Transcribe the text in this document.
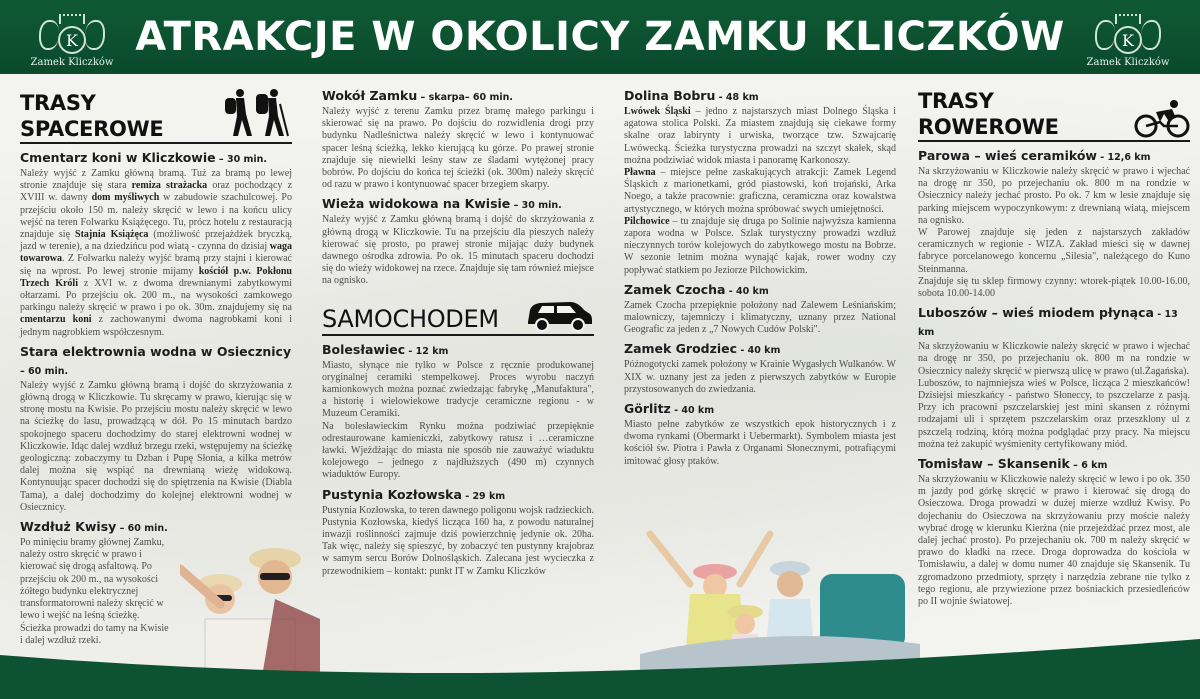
K
Zamek Kliczków
ATRAKCJE W OKOLICY ZAMKU KLICZKÓW	K
Zamek Kliczków
TRASY
SPACEROWE
Cmentarz koni w Kliczkowie – 30 min.
Należy wyjść z Zamku główną bramą. Tuż za bramą po lewej stronie znajduje się stara remiza strażacka oraz pochodzący z XVIII w. dawny dom myśliwych w zabudowie szachulcowej. Po przejściu około 150 m. należy skręcić w lewo i na końcu ulicy wejść na teren Folwarku Książęcego. Tu, prócz hotelu z restauracją znajduje się Stajnia Książęca (możliwość przejażdżek bryczką, jazd w terenie), a na dziedzińcu pod wiatą - czynna do dzisiaj waga towarowa. Z Folwarku należy wyjść bramą przy stajni i kierować się na wprost. Po lewej stronie mijamy kościół p.w. Pokłonu Trzech Króli z XVI w. z dwoma drewnianymi zabytkowymi ołtarzami. Po przejściu ok. 200 m., na wysokości zamkowego parkingu należy skręcić w prawo i po ok. 30m. znajdujemy się na cmentarzu koni z zachowanymi dwoma nagrobkami koni i jednym nagrobkiem współczesnym.
Stara elektrownia wodna w Osiecznicy – 60 min.
Należy wyjść z Zamku główną bramą i dojść do skrzyżowania z główną drogą w Kliczkowie. Tu skręcamy w prawo, kierując się w stronę mostu na Kwisie. Po przejściu mostu należy skręcić w lewo na ścieżkę do lasu, prowadzącą w dół. Po 15 minutach bardzo spokojnego spaceru dochodzimy do starej elektrowni wodnej w Kliczkowie. Idąc dalej wzdłuż brzegu rzeki, wstępujemy na ścieżkę geologiczną: zobaczymy tu Dzban i Pupę Słonia, a kilka metrów dalej można się wspiąć na drewnianą wieżę widokową. Kontynuując spacer dochodzi się do spiętrzenia na Kwisie (Diabla Tama), a dalej dochodzimy do kolejnej elektrowni wodnej w Osiecznicy.
Wzdłuż Kwisy – 60 min.
Po minięciu bramy głównej Zamku, należy ostro skręcić w prawo i kierować się drogą asfaltową. Po przejściu ok 200 m., na wysokości żółtego budynku elektrycznej transformatorowni należy skręcić w lewo i wejść na leśną ścieżkę. Ścieżka prowadzi do tamy na Kwisie i dalej wzdłuż rzeki.
Wokół Zamku – skarpa– 60 min.
Należy wyjść z terenu Zamku przez bramę małego parkingu i skierować się na prawo. Po dojściu do rozwidlenia drogi przy budynku Nadleśnictwa należy skręcić w lewo i kontynuować spacer leśną ścieżką, lekko kierującą ku górze. Po prawej stronie znajduje się niewielki leśny staw ze śladami wytężonej pracy bobrów. Po dojściu do końca tej ścieżki (ok. 300m) należy skręcić od razu w prawo i kontynuować spacer brzegiem skarpy.
Wieża widokowa na Kwisie – 30 min.
Należy wyjść z Zamku główną bramą i dojść do skrzyżowania z główną drogą w Kliczkowie. Tu na przejściu dla pieszych należy kierować się prosto, po prawej stronie mijając duży budynek dawnego ośrodka zdrowia. Po ok. 15 minutach spaceru dochodzi się do wieży widokowej na rzece. Znajduje się tam również miejsce na ognisko.
SAMOCHODEM
Bolesławiec - 12 km
Miasto, słynące nie tylko w Polsce z ręcznie produkowanej oryginalnej ceramiki stempelkowej. Proces wyrobu naczyń kamionkowych można poznać zwiedzając fabrykę „Manufaktura", a historię i wielowiekowe tradycje ceramiczne regionu - w Muzeum Ceramiki.
Na bolesławieckim Rynku można podziwiać przepięknie odrestaurowane kamieniczki, zabytkowy ratusz i …ceramiczne ławki. Wjeżdżając do miasta nie sposób nie zauważyć wiaduktu kolejowego – jednego z najdłuższych (490 m) czynnych wiaduktów Europy.
Pustynia Kozłowska - 29 km
Pustynia Kozłowska, to teren dawnego poligonu wojsk radzieckich. Pustynia Kozłowska, kiedyś licząca 160 ha, z powodu naturalnej inwazji roślinności zajmuje dziś powierzchnię jedynie ok. 20ha. Tak więc, należy się spieszyć, by zobaczyć ten pustynny krajobraz w samym sercu Borów Dolnośląskich. Zalecana jest wycieczka z przewodnikiem – kontakt: punkt IT w Zamku Kliczków
Dolina Bobru - 48 km
Lwówek Śląski – jedno z najstarszych miast Dolnego Śląska i agatowa stolica Polski. Za miastem znajdują się ciekawe formy skalne oraz labirynty i urwiska, tworzące tzw. Szwajcarię Lwówecką. Ścieżka turystyczna prowadzi na szczyt skałek, skąd można podziwiać widok miasta i panoramę Karkonoszy.
Pławna – miejsce pełne zaskakujących atrakcji: Zamek Legend Śląskich z marionetkami, gród piastowski, koń trojański, Arka Noego, a także pracownie: graficzna, ceramiczna oraz kowalstwa artystycznego, w których można spróbować swych umiejętności.
Pilchowice – tu znajduje się druga po Solinie najwyższa kamienna zapora wodna w Polsce. Szlak turystyczny prowadzi wzdłuż nieczynnych torów kolejowych do zabytkowego mostu na Bobrze. W sezonie letnim można wynająć kajak, rower wodny czy popływać statkiem po Jeziorze Pilchowickim.
Zamek Czocha - 40 km
Zamek Czocha przepięknie położony nad Zalewem Leśniańskim; malowniczy, tajemniczy i klimatyczny, uznany przez National Geografic za jeden z „7 Nowych Cudów Polski".
Zamek Grodziec - 40 km
Późnogotycki zamek położony w Krainie Wygasłych Wulkanów. W XIX w. uznany jest za jeden z pierwszych zabytków w Europie przystosowanych do zwiedzania.
Görlitz - 40 km
Miasto pełne zabytków ze wszystkich epok historycznych i z dwoma rynkami (Obermarkt i Uebermarkt). Symbolem miasta jest kościół św. Piotra i Pawła z Organami Słonecznymi, potrafiącymi imitować głosy ptaków.
TRASY
ROWEROWE
Parowa – wieś ceramików - 12,6 km
Na skrzyżowaniu w Kliczkowie należy skręcić w prawo i wjechać na drogę nr 350, po przejechaniu ok. 800 m na rondzie w Osiecznicy należy jechać prosto. Po ok. 7 km w lesie znajduje się parking miejscem wypoczynkowym: z drewnianą wiatą, miejscem na ognisko.
W Parowej znajduje się jeden z najstarszych zakładów ceramicznych w regionie - WIZA. Zakład mieści się w dawnej fabryce porcelanowego koncernu „Silesia", należącego do Kuno Steinmanna.
Znajduje się tu sklep firmowy czynny: wtorek-piątek 10.00-16.00, sobota 10.00-14.00
Luboszów – wieś miodem płynąca - 13 km
Na skrzyżowaniu w Kliczkowie należy skręcić w prawo i wjechać na drogę nr 350, po przejechaniu ok. 800 m na rondzie w Osiecznicy należy skręcić w pierwszą ulicę w prawo (ul.Żagańska).
Luboszów, to najmniejsza wieś w Polsce, licząca 2 mieszkańców! Dzisiejsi mieszkańcy - państwo Słoneccy, to pszczelarze z pasją. Przy ich pracowni pszczelarskiej jest mini skansen z różnymi rodzajami uli i sprzętem pszczelarskim oraz przeszklony ul z pszczelą rodziną, którą można podglądać przy pracy. Na miejscu można też zakupić wyśmienity certyfikowany miód.
Tomisław – Skansenik – 6 km
Na skrzyżowaniu w Kliczkowie należy skręcić w lewo i po ok. 350 m jazdy pod górkę skręcić w prawo i kierować się drogą do Osieczowa. Droga prowadzi w dużej mierze wzdłuż Kwisy. Po dojechaniu do Osieczowa na skrzyżowaniu przy moście należy wybrać drogę w kierunku Kierżna (nie przejeżdżać przez most, ale dalej jechać prosto). Po przejechaniu ok. 700 m należy skręcić w prawo do kładki na rzece. Droga doprowadza do kościoła w Tomisławiu, a dalej w domu numer 40 znajduje się Skansenik. Tu zgromadzono przedmioty, sprzęty i narzędzia zebrane nie tylko z tego regionu, ale przywiezione przez bośniackich przesiedleńców po II wojnie światowej.
